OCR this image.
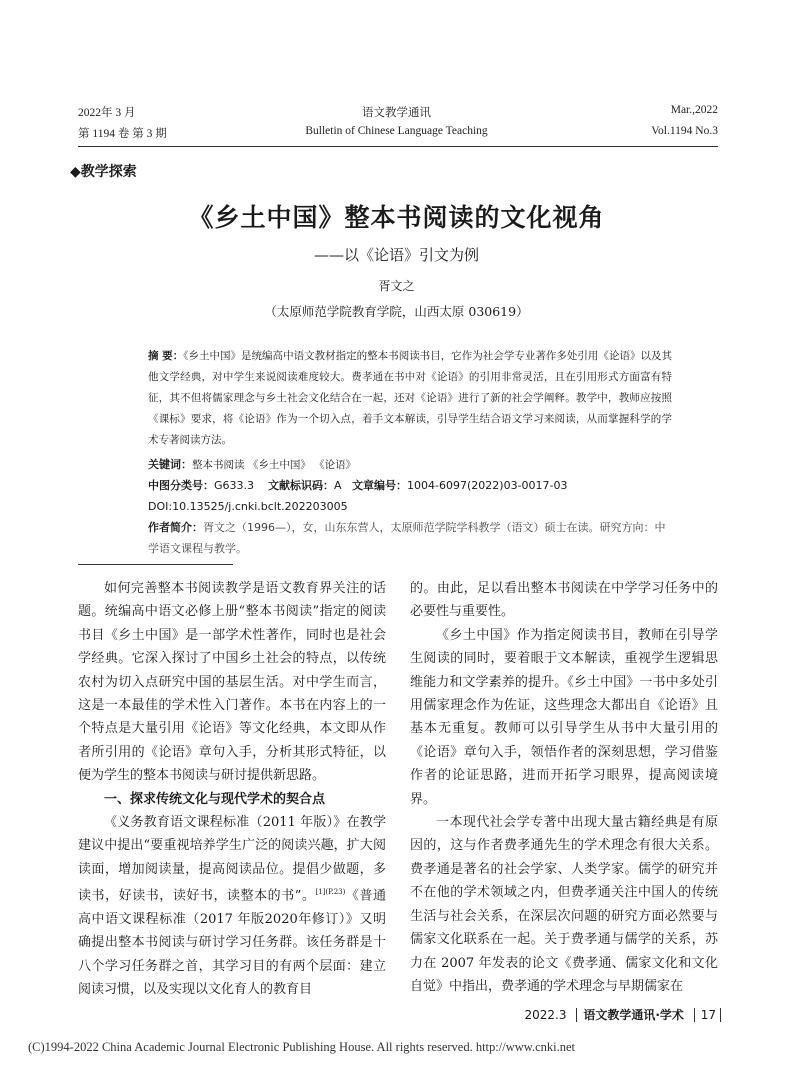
2022年 3 月	语文教学通讯	Mar.,2022
第 1194 卷 第 3 期	Bulletin of Chinese Language Teaching	Vol.1194 No.3
◆教学探索
《乡土中国》整本书阅读的文化视角
——以《论语》引文为例
胥文之
（太原师范学院教育学院，山西太原 030619）
摘 要：《乡土中国》是统编高中语文教材指定的整本书阅读书目，它作为社会学专业著作多处引用《论语》以及其他文学经典，对中学生来说阅读难度较大。费孝通在书中对《论语》的引用非常灵活，且在引用形式方面富有特征，其不但将儒家理念与乡土社会文化结合在一起，还对《论语》进行了新的社会学阐释。教学中，教师应按照《课标》要求，将《论语》作为一个切入点，着手文本解读，引导学生结合语文学习来阅读，从而掌握科学的学术专著阅读方法。
关键词：整本书阅读 《乡土中国》 《论语》
中图分类号：G633.3 文献标识码：A 文章编号：1004-6097(2022)03-0017-03
DOI:10.13525/j.cnki.bclt.202203005
作者简介：胥文之（1996—），女，山东东营人，太原师范学院学科教学（语文）硕士在读。研究方向：中学语文课程与教学。

如何完善整本书阅读教学是语文教育界关注的话题。统编高中语文必修上册“整本书阅读”指定的阅读书目《乡土中国》是一部学术性著作，同时也是社会学经典。它深入探讨了中国乡土社会的特点，以传统农村为切入点研究中国的基层生活。对中学生而言，这是一本最佳的学术性入门著作。本书在内容上的一个特点是大量引用《论语》等文化经典，本文即从作者所引用的《论语》章句入手，分析其形式特征，以便为学生的整本书阅读与研讨提供新思路。

一、探求传统文化与现代学术的契合点

《义务教育语文课程标准（2011 年版）》在教学建议中提出“要重视培养学生广泛的阅读兴趣，扩大阅读面，增加阅读量，提高阅读品位。提倡少做题，多读书，好读书，读好书，读整本的书”。$^{[1](P.23)}$《普通高中语文课程标准（2017 年版2020年修订）》又明确提出整本书阅读与研讨学习任务群。该任务群是十八个学习任务群之首，其学习目的有两个层面：建立阅读习惯，以及实现以文化育人的教育目

的。由此，足以看出整本书阅读在中学学习任务中的必要性与重要性。

《乡土中国》作为指定阅读书目，教师在引导学生阅读的同时，要着眼于文本解读，重视学生逻辑思维能力和文学素养的提升。《乡土中国》一书中多处引用儒家理念作为佐证，这些理念大都出自《论语》且基本无重复。教师可以引导学生从书中大量引用的《论语》章句入手，领悟作者的深刻思想，学习借鉴作者的论证思路，进而开拓学习眼界，提高阅读境界。

一本现代社会学专著中出现大量古籍经典是有原因的，这与作者费孝通先生的学术理念有很大关系。费孝通是著名的社会学家、人类学家。儒学的研究并不在他的学术领域之内，但费孝通关注中国人的传统生活与社会关系，在深层次问题的研究方面必然要与儒家文化联系在一起。关于费孝通与儒学的关系，苏力在 2007 年发表的论文《费孝通、儒家文化和文化自觉》中指出，费孝通的学术理念与早期儒家在

2022.3 语文教学通讯·学术 17
(C)1994-2022 China Academic Journal Electronic Publishing House. All rights reserved. http://www.cnki.net
